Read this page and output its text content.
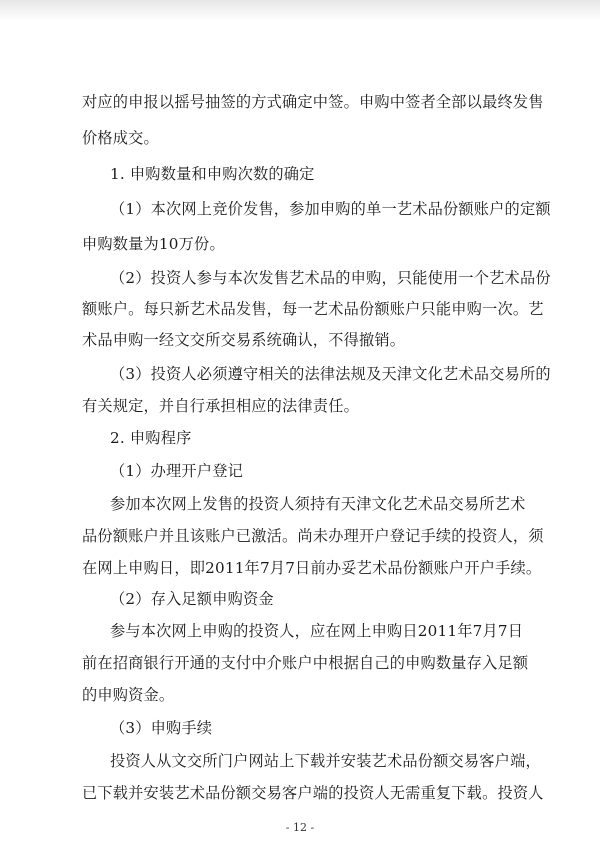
对应的申报以摇号抽签的方式确定中签。申购中签者全部以最终发售
价格成交。
1. 申购数量和申购次数的确定
（1）本次网上竞价发售，参加申购的单一艺术品份额账户的定额
申购数量为10万份。
（2）投资人参与本次发售艺术品的申购，只能使用一个艺术品份
额账户。每只新艺术品发售，每一艺术品份额账户只能申购一次。艺
术品申购一经文交所交易系统确认，不得撤销。
（3）投资人必须遵守相关的法律法规及天津文化艺术品交易所的
有关规定，并自行承担相应的法律责任。
2. 申购程序
（1）办理开户登记
参加本次网上发售的投资人须持有天津文化艺术品交易所艺术
品份额账户并且该账户已激活。尚未办理开户登记手续的投资人，须
在网上申购日，即2011年7月7日前办妥艺术品份额账户开户手续。
（2）存入足额申购资金
参与本次网上申购的投资人，应在网上申购日2011年7月7日
前在招商银行开通的支付中介账户中根据自己的申购数量存入足额
的申购资金。
（3）申购手续
投资人从文交所门户网站上下载并安装艺术品份额交易客户端，
已下载并安装艺术品份额交易客户端的投资人无需重复下载。投资人
- 12 -
